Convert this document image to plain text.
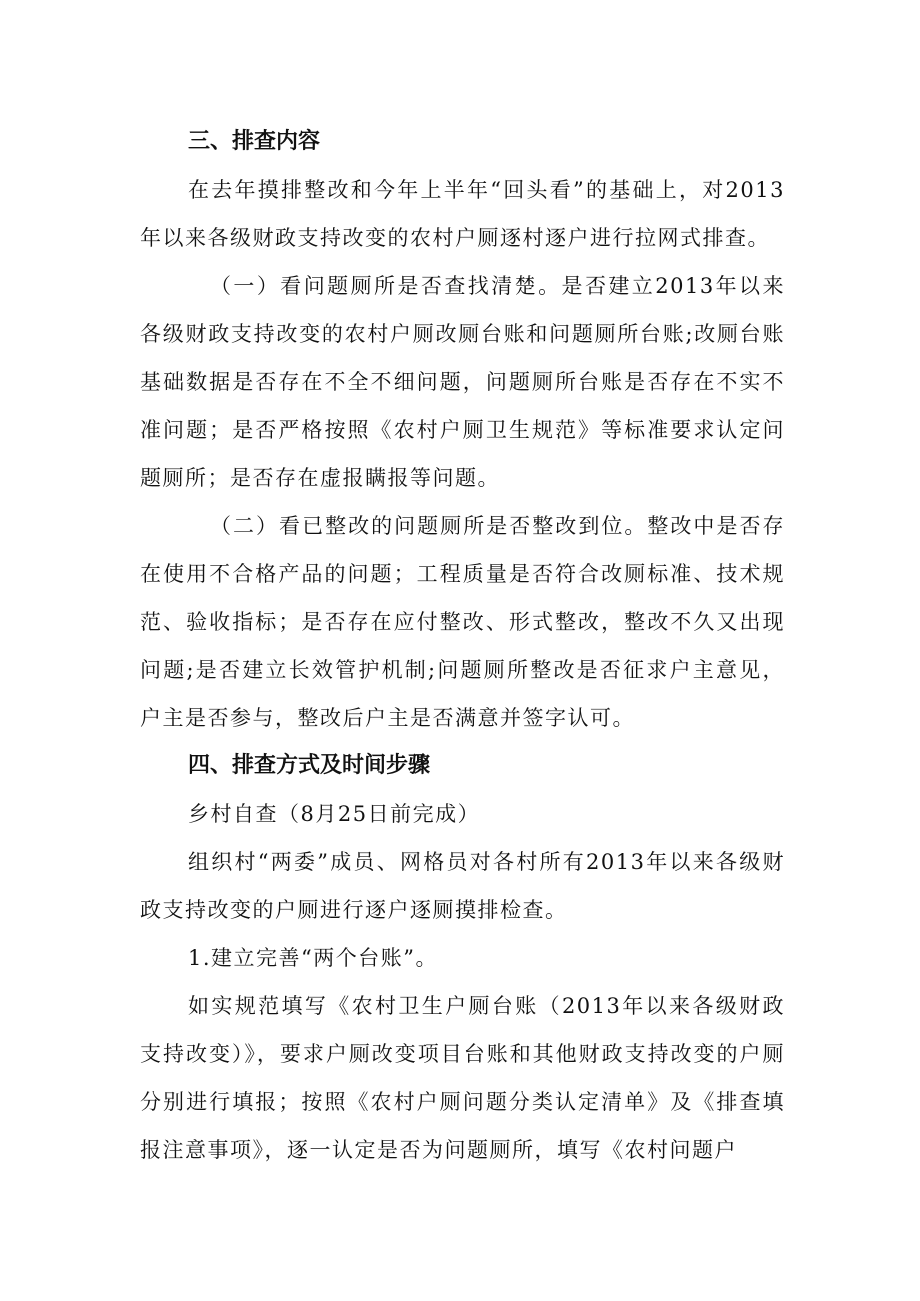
三、排查内容

在去年摸排整改和今年上半年“回头看”的基础上，对2013年以来各级财政支持改变的农村户厕逐村逐户进行拉网式排查。

（一）看问题厕所是否查找清楚。是否建立2013年以来各级财政支持改变的农村户厕改厕台账和问题厕所台账;改厕台账基础数据是否存在不全不细问题，问题厕所台账是否存在不实不准问题；是否严格按照《农村户厕卫生规范》等标准要求认定问题厕所；是否存在虚报瞒报等问题。

（二）看已整改的问题厕所是否整改到位。整改中是否存在使用不合格产品的问题；工程质量是否符合改厕标准、技术规范、验收指标；是否存在应付整改、形式整改，整改不久又出现问题;是否建立长效管护机制;问题厕所整改是否征求户主意见，户主是否参与，整改后户主是否满意并签字认可。

四、排查方式及时间步骤

乡村自查（8月25日前完成）

组织村“两委”成员、网格员对各村所有2013年以来各级财政支持改变的户厕进行逐户逐厕摸排检查。

1.建立完善“两个台账”。

如实规范填写《农村卫生户厕台账（2013年以来各级财政支持改变）》，要求户厕改变项目台账和其他财政支持改变的户厕分别进行填报；按照《农村户厕问题分类认定清单》及《排查填报注意事项》，逐一认定是否为问题厕所，填写《农村问题户
